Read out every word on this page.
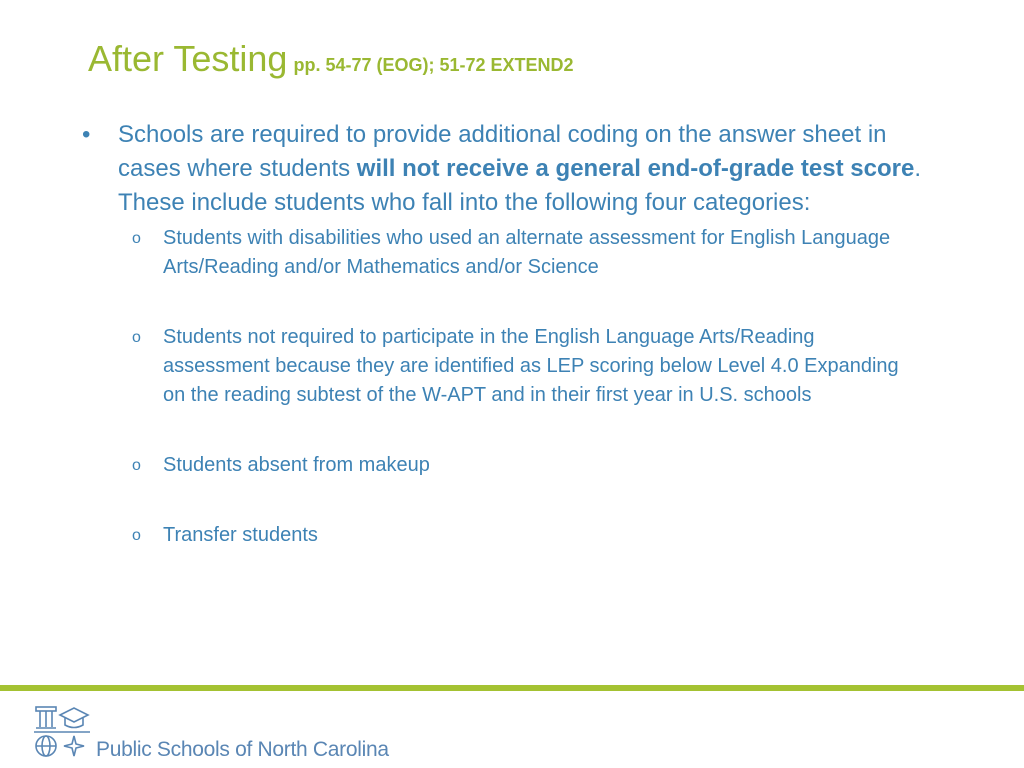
After Testing pp. 54-77 (EOG); 51-72 EXTEND2
• Schools are required to provide additional coding on the answer sheet in cases where students will not receive a general end-of-grade test score. These include students who fall into the following four categories:
o Students with disabilities who used an alternate assessment for English Language Arts/Reading and/or Mathematics and/or Science
o Students not required to participate in the English Language Arts/Reading assessment because they are identified as LEP scoring below Level 4.0 Expanding on the reading subtest of the W-APT and in their first year in U.S. schools
o Students absent from makeup
o Transfer students
Public Schools of North Carolina
